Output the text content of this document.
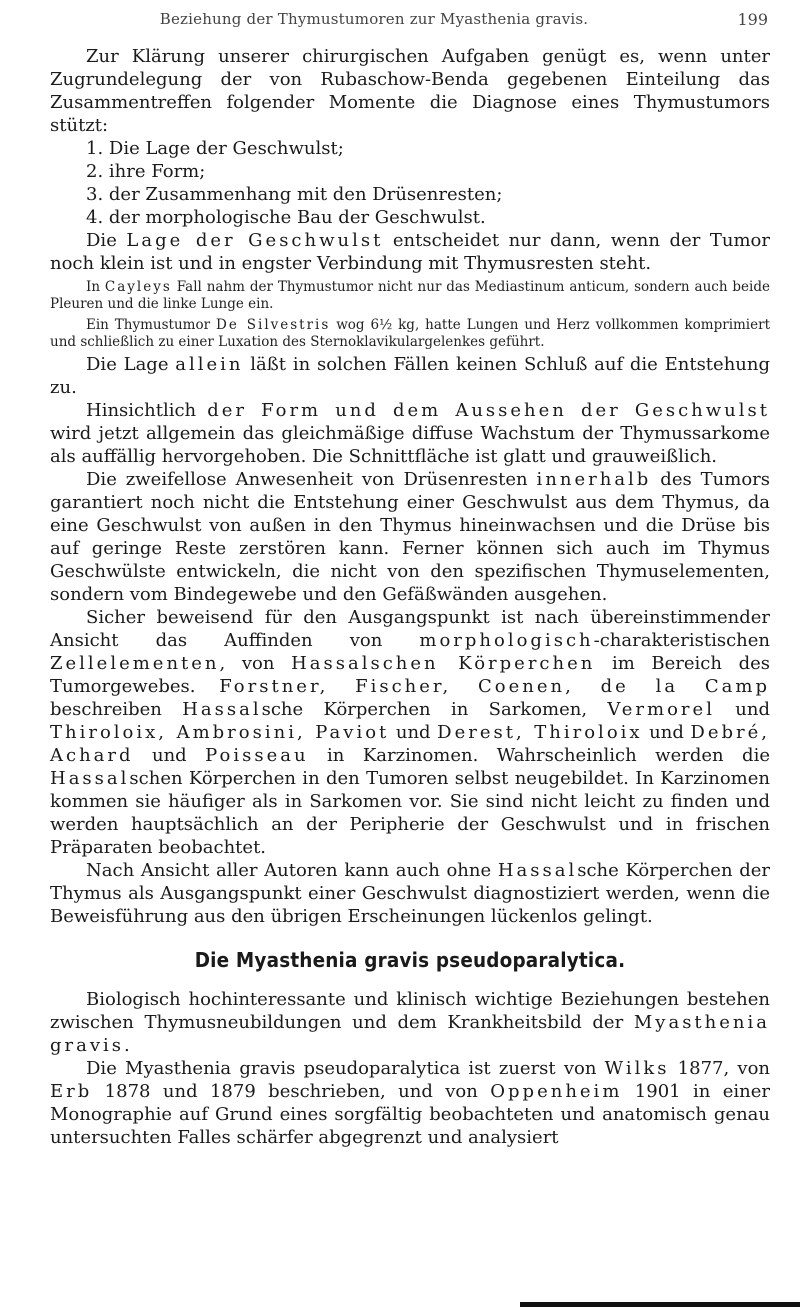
Beziehung der Thymustumoren zur Myasthenia gravis.	199

Zur Klärung unserer chirurgischen Aufgaben genügt es, wenn unter Zugrundelegung der von Rubaschow-Benda gegebenen Einteilung das Zusammentreffen folgender Momente die Diagnose eines Thymustumors stützt:

1. Die Lage der Geschwulst;
2. ihre Form;
3. der Zusammenhang mit den Drüsenresten;
4. der morphologische Bau der Geschwulst.

Die Lage der Geschwulst entscheidet nur dann, wenn der Tumor noch klein ist und in engster Verbindung mit Thymusresten steht.

In Cayleys Fall nahm der Thymustumor nicht nur das Mediastinum anticum, sondern auch beide Pleuren und die linke Lunge ein.

Ein Thymustumor De Silvestris wog 6½ kg, hatte Lungen und Herz vollkommen komprimiert und schließlich zu einer Luxation des Sternoklavikulargelenkes geführt.

Die Lage allein läßt in solchen Fällen keinen Schluß auf die Entstehung zu.

Hinsichtlich der Form und dem Aussehen der Geschwulst wird jetzt allgemein das gleichmäßige diffuse Wachstum der Thymussarkome als auffällig hervorgehoben. Die Schnittfläche ist glatt und grauweißlich.

Die zweifellose Anwesenheit von Drüsenresten innerhalb des Tumors garantiert noch nicht die Entstehung einer Geschwulst aus dem Thymus, da eine Geschwulst von außen in den Thymus hineinwachsen und die Drüse bis auf geringe Reste zerstören kann. Ferner können sich auch im Thymus Geschwülste entwickeln, die nicht von den spezifischen Thymuselementen, sondern vom Bindegewebe und den Gefäßwänden ausgehen.

Sicher beweisend für den Ausgangspunkt ist nach übereinstimmender Ansicht das Auffinden von morphologisch-charakteristischen Zellelementen, von Hassalschen Körperchen im Bereich des Tumorgewebes. Forstner, Fischer, Coenen, de la Camp beschreiben Hassalsche Körperchen in Sarkomen, Vermorel und Thiroloix, Ambrosini, Paviot und Derest, Thiroloix und Debré, Achard und Poisseau in Karzinomen. Wahrscheinlich werden die Hassalschen Körperchen in den Tumoren selbst neugebildet. In Karzinomen kommen sie häufiger als in Sarkomen vor. Sie sind nicht leicht zu finden und werden hauptsächlich an der Peripherie der Geschwulst und in frischen Präparaten beobachtet.

Nach Ansicht aller Autoren kann auch ohne Hassalsche Körperchen der Thymus als Ausgangspunkt einer Geschwulst diagnostiziert werden, wenn die Beweisführung aus den übrigen Erscheinungen lückenlos gelingt.

Die Myasthenia gravis pseudoparalytica.

Biologisch hochinteressante und klinisch wichtige Beziehungen bestehen zwischen Thymusneubildungen und dem Krankheitsbild der Myasthenia gravis.

Die Myasthenia gravis pseudoparalytica ist zuerst von Wilks 1877, von Erb 1878 und 1879 beschrieben, und von Oppenheim 1901 in einer Monographie auf Grund eines sorgfältig beobachteten und anatomisch genau untersuchten Falles schärfer abgegrenzt und analysiert
